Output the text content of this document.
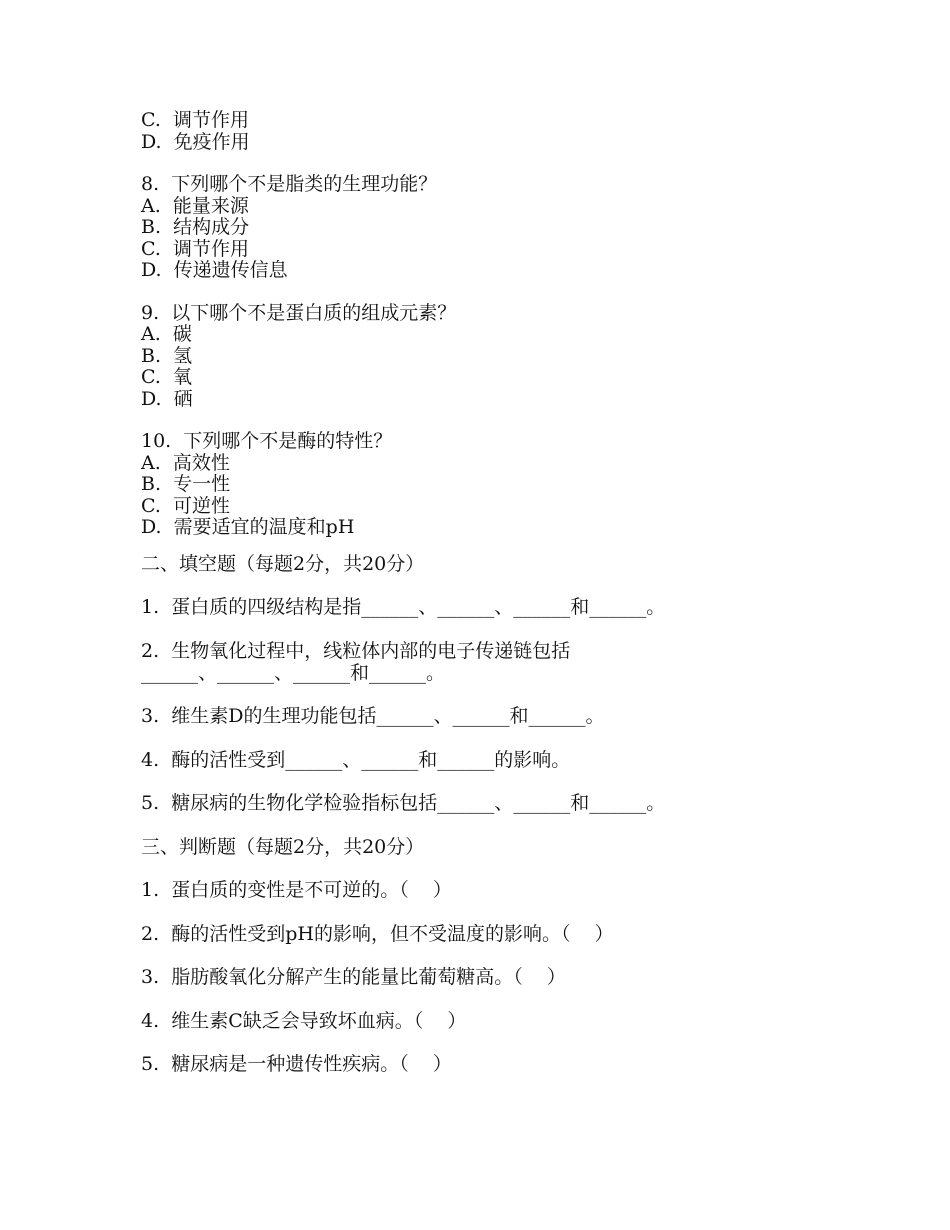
C.  调节作用
D.  免疫作用
8.  下列哪个不是脂类的生理功能？
A.  能量来源
B.  结构成分
C.  调节作用
D.  传递遗传信息
9.  以下哪个不是蛋白质的组成元素？
A.  碳
B.  氢
C.  氧
D.  硒
10.  下列哪个不是酶的特性？
A.  高效性
B.  专一性
C.  可逆性
D.  需要适宜的温度和pH
二、填空题（每题2分，共20分）
1.  蛋白质的四级结构是指______、______、______和______。
2.  生物氧化过程中，线粒体内部的电子传递链包括
______、______、______和______。
3.  维生素D的生理功能包括______、______和______。
4.  酶的活性受到______、______和______的影响。
5.  糖尿病的生物化学检验指标包括______、______和______。
三、判断题（每题2分，共20分）
1.  蛋白质的变性是不可逆的。（    ）
2.  酶的活性受到pH的影响，但不受温度的影响。（    ）
3.  脂肪酸氧化分解产生的能量比葡萄糖高。（    ）
4.  维生素C缺乏会导致坏血病。（    ）
5.  糖尿病是一种遗传性疾病。（    ）
